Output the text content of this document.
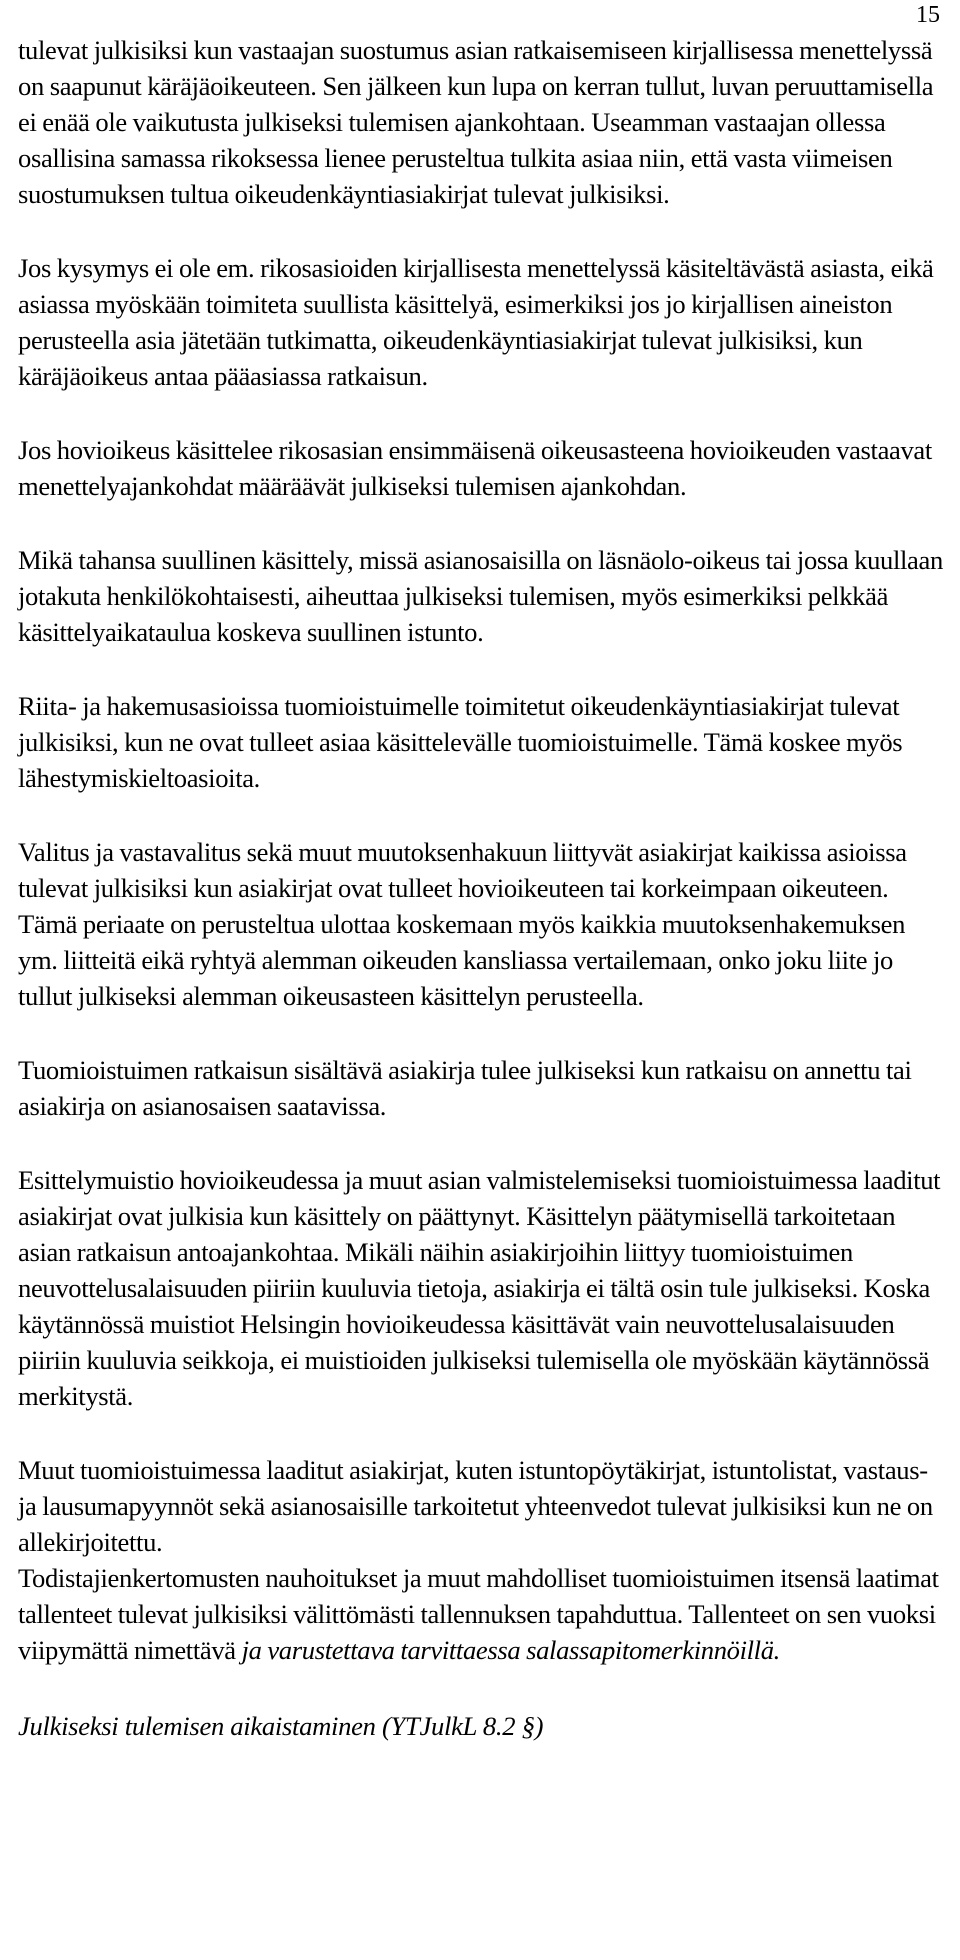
15

tulevat julkisiksi kun vastaajan suostumus asian ratkaisemiseen kirjallisessa menettelyssä on saapunut käräjäoikeuteen. Sen jälkeen kun lupa on kerran tullut, luvan peruuttamisella ei enää ole vaikutusta julkiseksi tulemisen ajankohtaan. Useamman vastaajan ollessa osallisina samassa rikoksessa lienee perusteltua tulkita asiaa niin, että vasta viimeisen suostumuksen tultua oikeudenkäyntiasiakirjat tulevat julkisiksi.

Jos kysymys ei ole em. rikosasioiden kirjallisesta menettelyssä käsiteltävästä asiasta, eikä asiassa myöskään toimiteta suullista käsittelyä, esimerkiksi jos jo kirjallisen aineiston perusteella asia jätetään tutkimatta, oikeudenkäyntiasiakirjat tulevat julkisiksi, kun käräjäoikeus antaa pääasiassa ratkaisun.

Jos hovioikeus käsittelee rikosasian ensimmäisenä oikeusasteena hovioikeuden vastaavat menettelyajankohdat määräävät julkiseksi tulemisen ajankohdan.

Mikä tahansa suullinen käsittely, missä asianosaisilla on läsnäolo-oikeus tai jossa kuullaan jotakuta henkilökohtaisesti, aiheuttaa julkiseksi tulemisen, myös esimerkiksi pelkkää käsittelyaikataulua koskeva suullinen istunto.

Riita- ja hakemusasioissa tuomioistuimelle toimitetut oikeudenkäyntiasiakirjat tulevat julkisiksi, kun ne ovat tulleet asiaa käsittelevälle tuomioistuimelle. Tämä koskee myös lähestymiskieltoasioita.

Valitus ja vastavalitus sekä muut muutoksenhakuun liittyvät asiakirjat kaikissa asioissa tulevat julkisiksi kun asiakirjat ovat tulleet hovioikeuteen tai korkeimpaan oikeuteen. Tämä periaate on perusteltua ulottaa koskemaan myös kaikkia muutoksenhakemuksen ym. liitteitä eikä ryhtyä alemman oikeuden kansliassa vertailemaan, onko joku liite jo tullut julkiseksi alemman oikeusasteen käsittelyn perusteella.

Tuomioistuimen ratkaisun sisältävä asiakirja tulee julkiseksi kun ratkaisu on annettu tai asiakirja on asianosaisen saatavissa.

Esittelymuistio hovioikeudessa ja muut asian valmistelemiseksi tuomioistuimessa laaditut asiakirjat ovat julkisia kun käsittely on päättynyt. Käsittelyn päätymisellä tarkoitetaan asian ratkaisun antoajankohtaa. Mikäli näihin asiakirjoihin liittyy tuomioistuimen neuvottelusalaisuuden piiriin kuuluvia tietoja, asiakirja ei tältä osin tule julkiseksi. Koska käytännössä muistiot Helsingin hovioikeudessa käsittävät vain neuvottelusalaisuuden piiriin kuuluvia seikkoja, ei muistioiden julkiseksi tulemisella ole myöskään käytännössä merkitystä.

Muut tuomioistuimessa laaditut asiakirjat, kuten istuntopöytäkirjat, istuntolistat, vastaus- ja lausumapyynnöt sekä asianosaisille tarkoitetut yhteenvedot tulevat julkisiksi kun ne on allekirjoitettu.

Todistajienkertomusten nauhoitukset ja muut mahdolliset tuomioistuimen itsensä laatimat tallenteet tulevat julkisiksi välittömästi tallennuksen tapahduttua. Tallenteet on sen vuoksi viipymättä nimettävä ja varustettava tarvittaessa salassapitomerkinnöillä.

Julkiseksi tulemisen aikaistaminen (YTJulkL 8.2 §)
